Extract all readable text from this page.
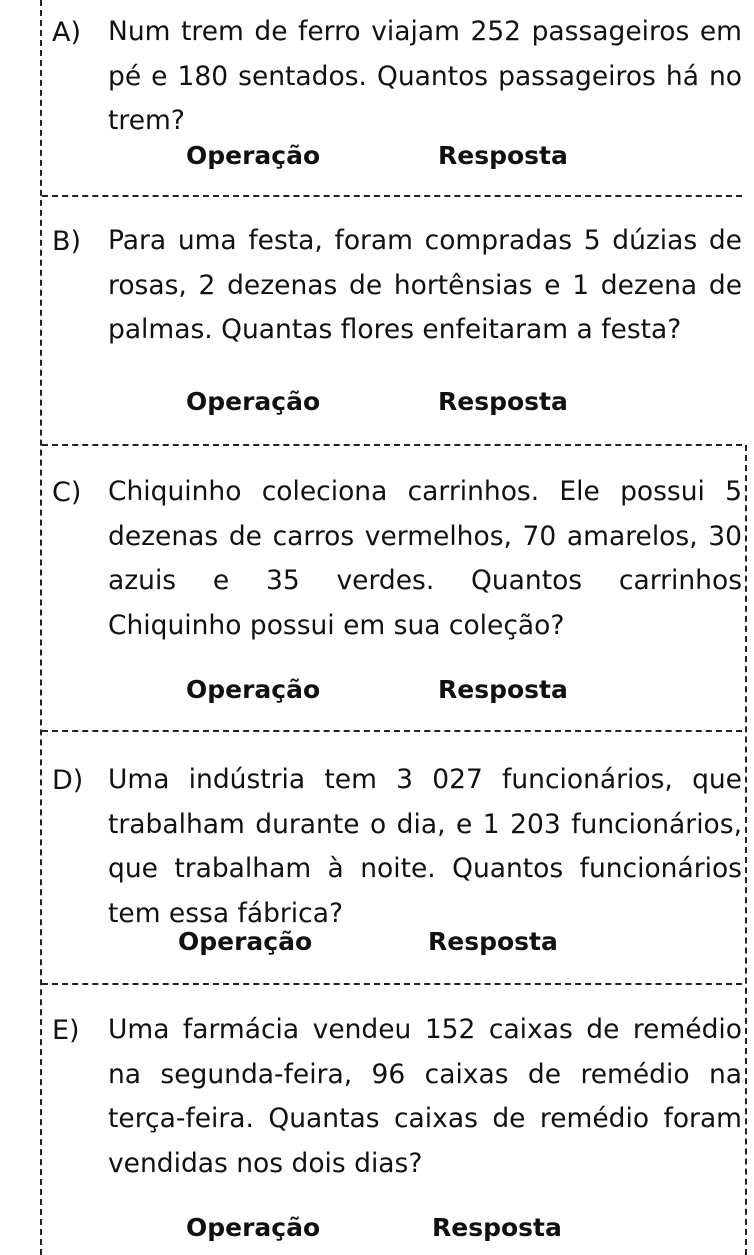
A) Num trem de ferro viajam 252 passageiros em pé e 180 sentados. Quantos passageiros há no trem?
Operação	Resposta
B) Para uma festa, foram compradas 5 dúzias de rosas, 2 dezenas de hortênsias e 1 dezena de palmas. Quantas flores enfeitaram a festa?
Operação	Resposta
C) Chiquinho coleciona carrinhos. Ele possui 5 dezenas de carros vermelhos, 70 amarelos, 30 azuis e 35 verdes. Quantos carrinhos Chiquinho possui em sua coleção?
Operação	Resposta
D) Uma indústria tem 3 027 funcionários, que trabalham durante o dia, e 1 203 funcionários, que trabalham à noite. Quantos funcionários tem essa fábrica?
Operação	Resposta
E) Uma farmácia vendeu 152 caixas de remédio na segunda-feira, 96 caixas de remédio na terça-feira. Quantas caixas de remédio foram vendidas nos dois dias?
Operação	Resposta
